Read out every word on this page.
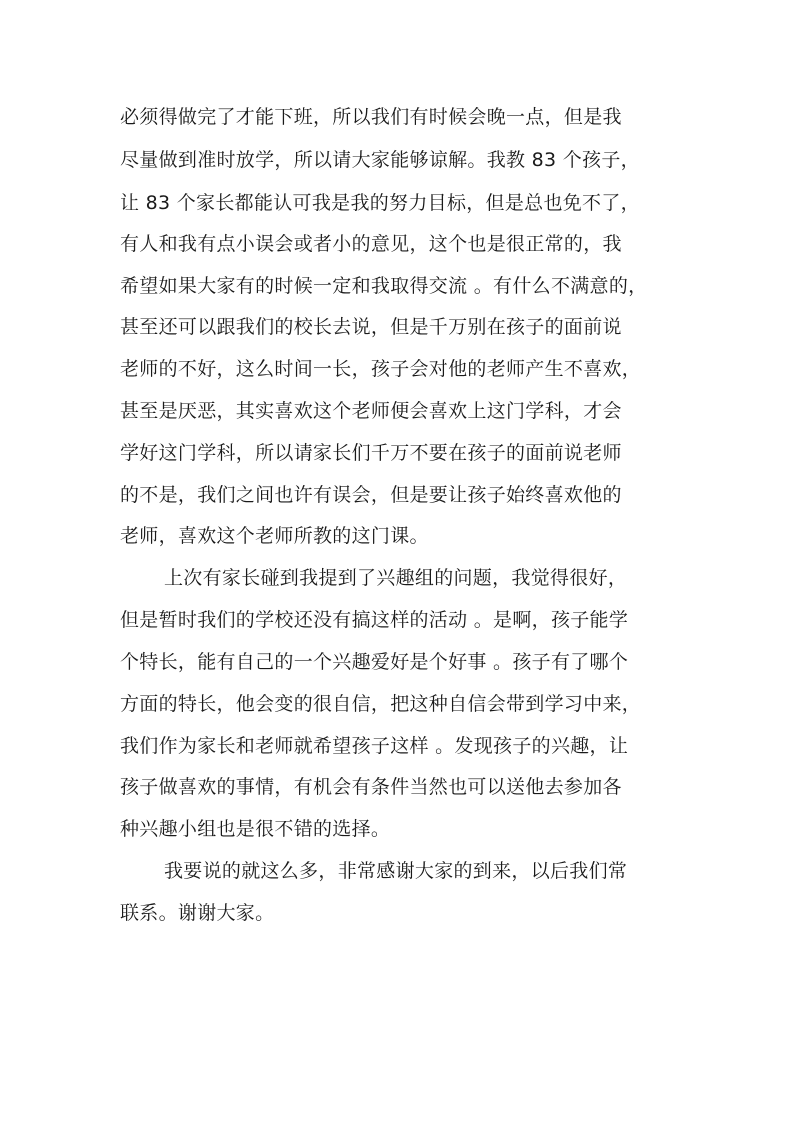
必须得做完了才能下班，所以我们有时候会晚一点，但是我
尽量做到准时放学，所以请大家能够谅解。我教 83 个孩子，
让 83 个家长都能认可我是我的努力目标，但是总也免不了，
有人和我有点小误会或者小的意见，这个也是很正常的，我
希望如果大家有的时候一定和我取得交流 。有什么不满意的，
甚至还可以跟我们的校长去说，但是千万别在孩子的面前说
老师的不好，这么时间一长，孩子会对他的老师产生不喜欢，
甚至是厌恶，其实喜欢这个老师便会喜欢上这门学科，才会
学好这门学科，所以请家长们千万不要在孩子的面前说老师
的不是，我们之间也许有误会，但是要让孩子始终喜欢他的
老师，喜欢这个老师所教的这门课。
上次有家长碰到我提到了兴趣组的问题，我觉得很好，
但是暂时我们的学校还没有搞这样的活动 。是啊，孩子能学
个特长，能有自己的一个兴趣爱好是个好事 。孩子有了哪个
方面的特长，他会变的很自信，把这种自信会带到学习中来，
我们作为家长和老师就希望孩子这样 。发现孩子的兴趣，让
孩子做喜欢的事情，有机会有条件当然也可以送他去参加各
种兴趣小组也是很不错的选择。
我要说的就这么多，非常感谢大家的到来，以后我们常
联系。谢谢大家。
